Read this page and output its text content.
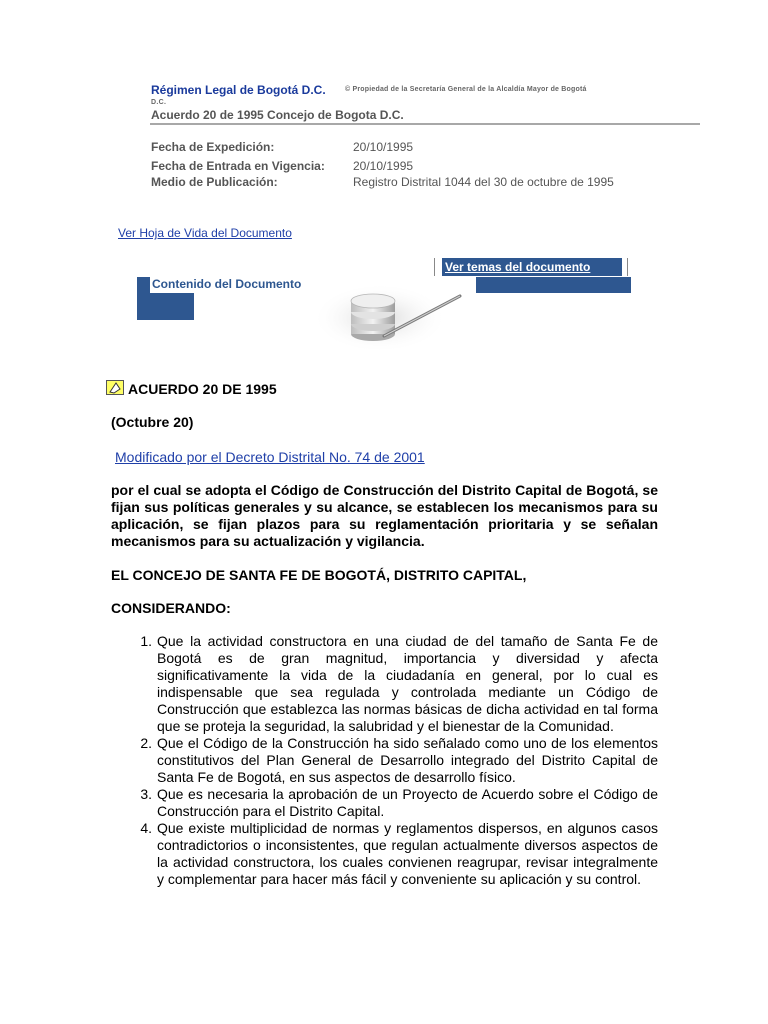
Régimen Legal de Bogotá D.C.	© Propiedad de la Secretaría General de la Alcaldía Mayor de Bogotá
D.C.
Acuerdo 20 de 1995 Concejo de Bogota D.C.
Fecha de Expedición:	20/10/1995
Fecha de Entrada en Vigencia: 20/10/1995
Medio de Publicación:	Registro Distrital 1044 del 30 de octubre de 1995
Ver Hoja de Vida del Documento
Contenido del Documento
Ver temas del documento
ACUERDO 20 DE 1995
(Octubre 20)
Modificado por el Decreto Distrital No. 74 de 2001
por el cual se adopta el Código de Construcción del Distrito Capital de Bogotá, se fijan sus políticas generales y su alcance, se establecen los mecanismos para su aplicación, se fijan plazos para su reglamentación prioritaria y se señalan mecanismos para su actualización y vigilancia.
EL CONCEJO DE SANTA FE DE BOGOTÁ, DISTRITO CAPITAL,
CONSIDERANDO:
1. Que la actividad constructora en una ciudad de del tamaño de Santa Fe de Bogotá es de gran magnitud, importancia y diversidad y afecta significativamente la vida de la ciudadanía en general, por lo cual es indispensable que sea regulada y controlada mediante un Código de Construcción que establezca las normas básicas de dicha actividad en tal forma que se proteja la seguridad, la salubridad y el bienestar de la Comunidad.
2. Que el Código de la Construcción ha sido señalado como uno de los elementos constitutivos del Plan General de Desarrollo integrado del Distrito Capital de Santa Fe de Bogotá, en sus aspectos de desarrollo físico.
3. Que es necesaria la aprobación de un Proyecto de Acuerdo sobre el Código de Construcción para el Distrito Capital.
4. Que existe multiplicidad de normas y reglamentos dispersos, en algunos casos contradictorios o inconsistentes, que regulan actualmente diversos aspectos de la actividad constructora, los cuales convienen reagrupar, revisar integralmente y complementar para hacer más fácil y conveniente su aplicación y su control.
